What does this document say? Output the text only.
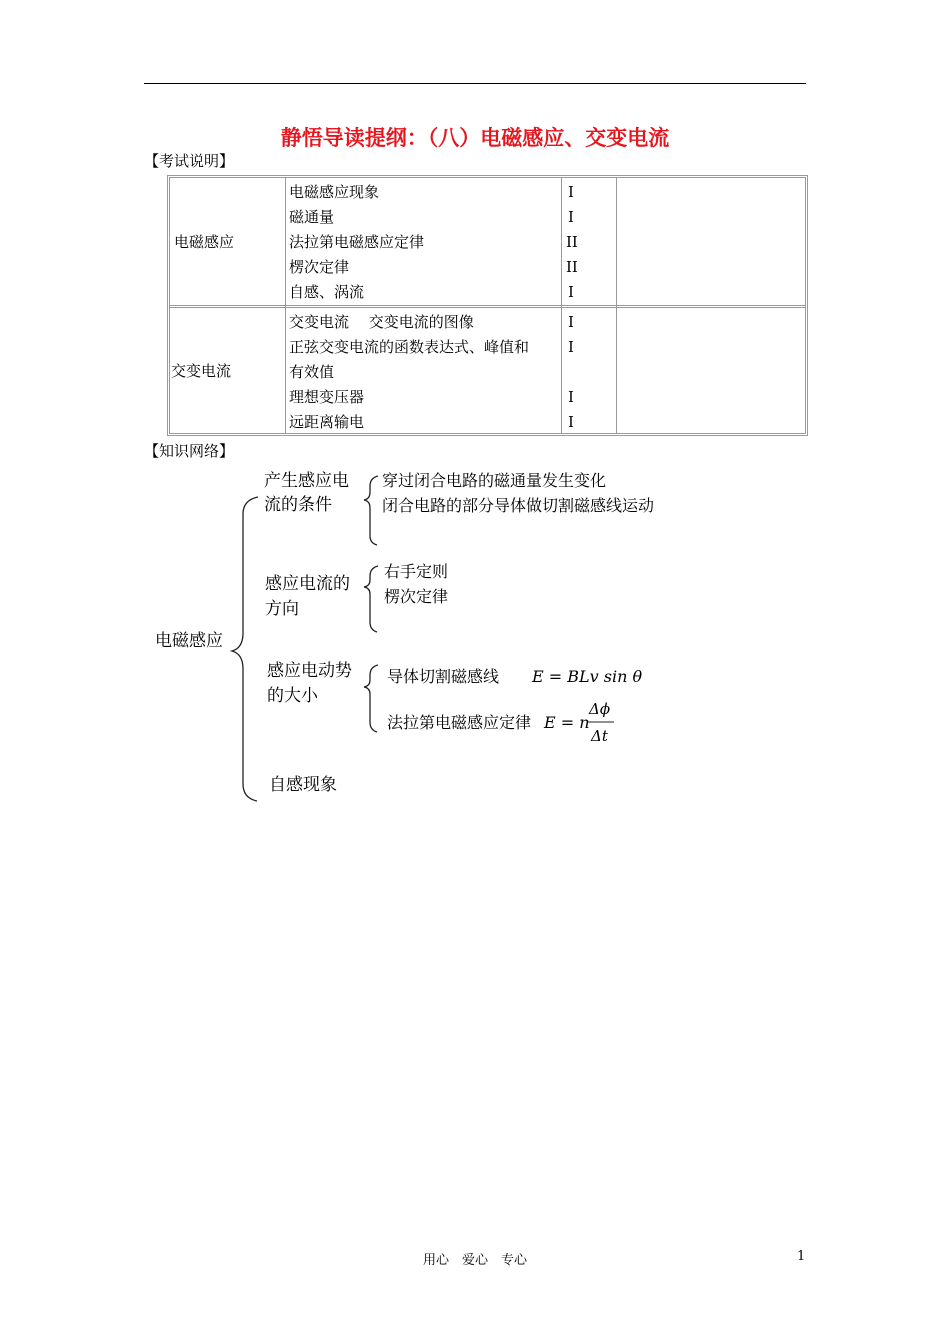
静悟导读提纲：（八）电磁感应、交变电流
【考试说明】
电磁感应
电磁感应现象
磁通量
法拉第电磁感应定律
楞次定律
自感、涡流
I
I
II
II
I
交变电流
交变电流　 交变电流的图像
正弦交变电流的函数表达式、峰值和
有效值
理想变压器
远距离输电
I
I
I
I
【知识网络】
电磁感应
产生感应电
流的条件
穿过闭合电路的磁通量发生变化
闭合电路的部分导体做切割磁感线运动
感应电流的
方向
右手定则
楞次定律
感应电动势
的大小
导体切割磁感线 E = BLv sin θ
法拉第电磁感应定律 E = n
Δϕ
Δt
自感现象
用心　爱心　专心	1
